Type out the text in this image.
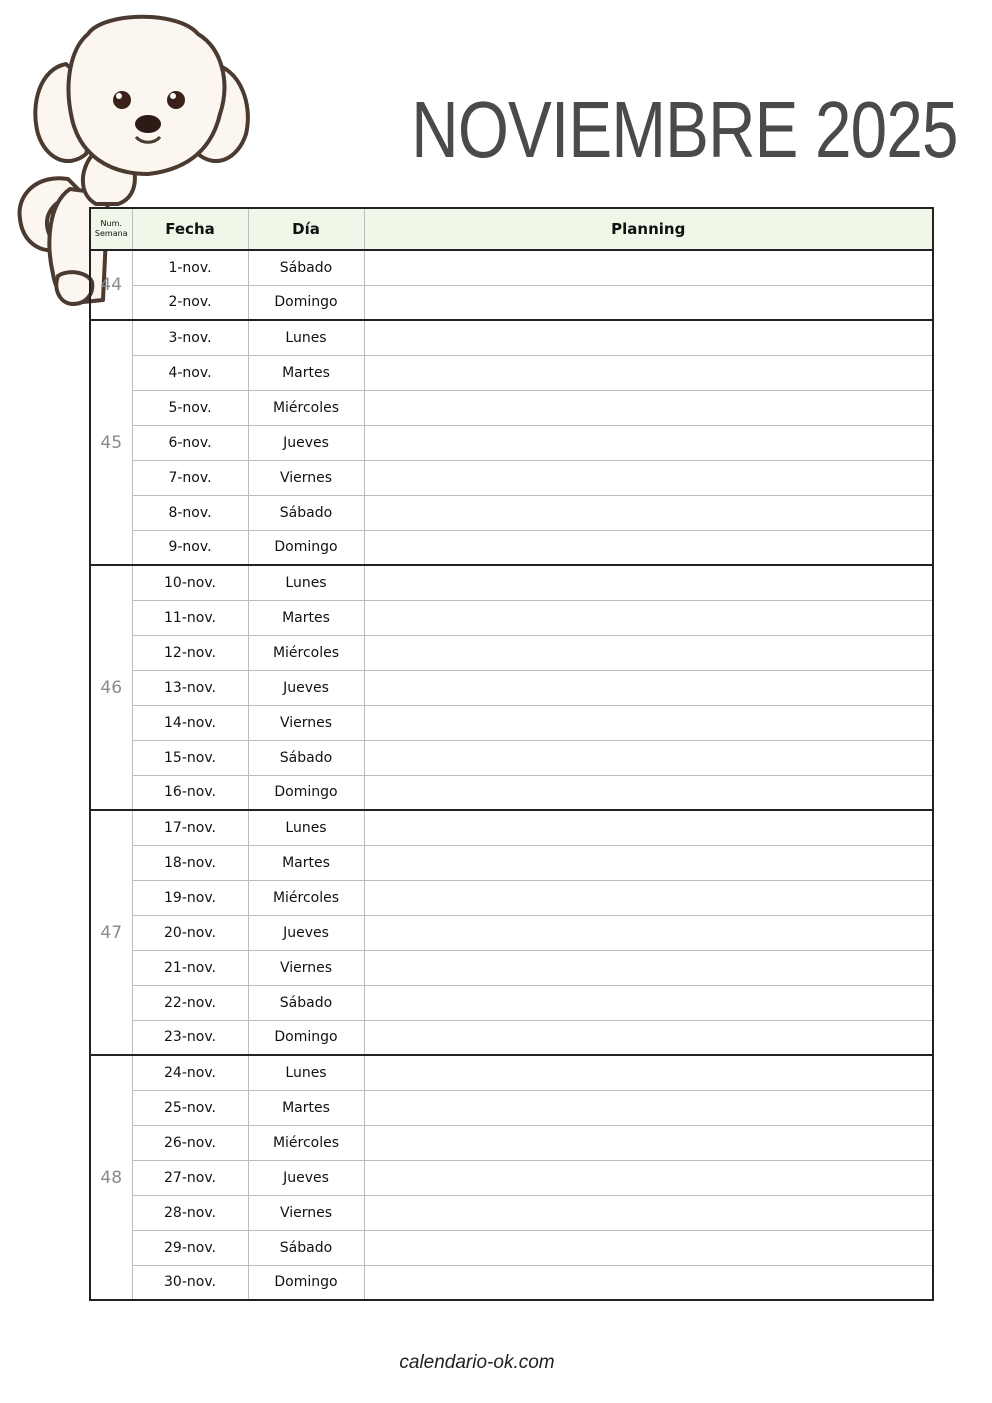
NOVIEMBRE 2025
Num.
Semana	Fecha	Día	Planning
44	1-nov.	Sábado	
	2-nov.	Domingo	
45	3-nov.	Lunes	
	4-nov.	Martes	
	5-nov.	Miércoles	
	6-nov.	Jueves	
	7-nov.	Viernes	
	8-nov.	Sábado	
	9-nov.	Domingo	
46	10-nov.	Lunes	
	11-nov.	Martes	
	12-nov.	Miércoles	
	13-nov.	Jueves	
	14-nov.	Viernes	
	15-nov.	Sábado	
	16-nov.	Domingo	
47	17-nov.	Lunes	
	18-nov.	Martes	
	19-nov.	Miércoles	
	20-nov.	Jueves	
	21-nov.	Viernes	
	22-nov.	Sábado	
	23-nov.	Domingo	
48	24-nov.	Lunes	
	25-nov.	Martes	
	26-nov.	Miércoles	
	27-nov.	Jueves	
	28-nov.	Viernes	
	29-nov.	Sábado	
	30-nov.	Domingo	
calendario-ok.com
